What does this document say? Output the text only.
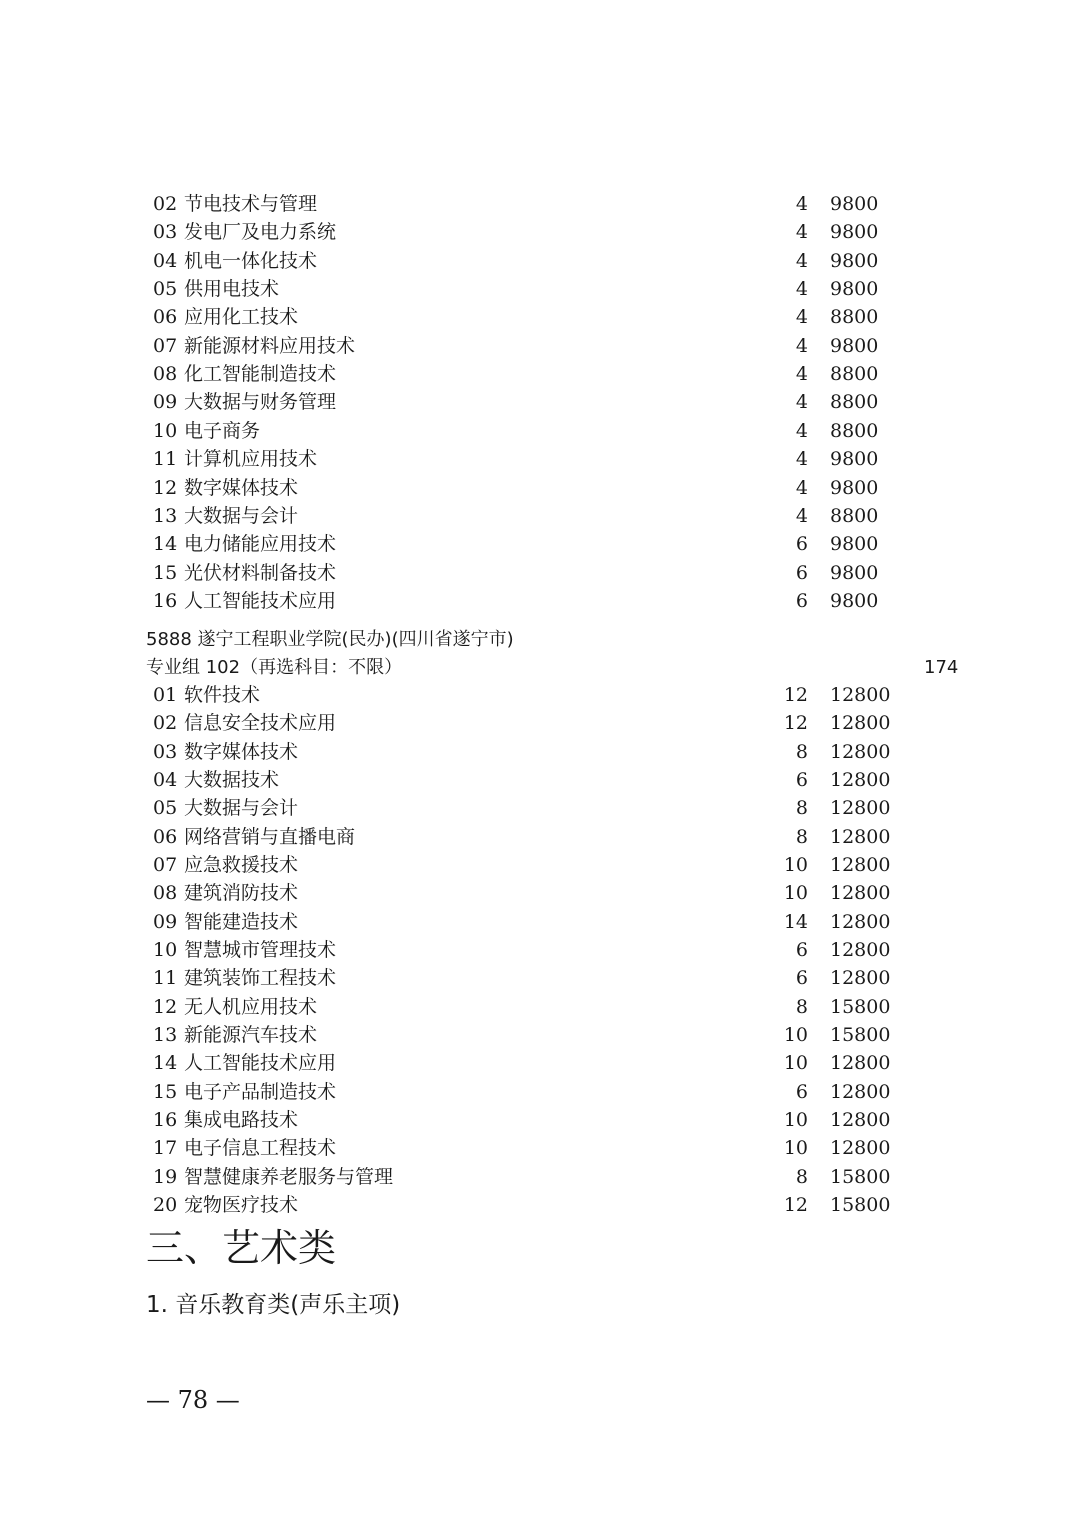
02 节电技术与管理	4 9800
03 发电厂及电力系统	4 9800
04 机电一体化技术	4 9800
05 供用电技术	4 9800
06 应用化工技术	4 8800
07 新能源材料应用技术	4 9800
08 化工智能制造技术	4 8800
09 大数据与财务管理	4 8800
10 电子商务	4 8800
11 计算机应用技术	4 9800
12 数字媒体技术	4 9800
13 大数据与会计	4 8800
14 电力储能应用技术	6 9800
15 光伏材料制备技术	6 9800
16 人工智能技术应用	6 9800
5888 遂宁工程职业学院(民办)(四川省遂宁市)
专业组 102（再选科目：不限）	174
01 软件技术	12 12800
02 信息安全技术应用	12 12800
03 数字媒体技术	8 12800
04 大数据技术	6 12800
05 大数据与会计	8 12800
06 网络营销与直播电商	8 12800
07 应急救援技术	10 12800
08 建筑消防技术	10 12800
09 智能建造技术	14 12800
10 智慧城市管理技术	6 12800
11 建筑装饰工程技术	6 12800
12 无人机应用技术	8 15800
13 新能源汽车技术	10 15800
14 人工智能技术应用	10 12800
15 电子产品制造技术	6 12800
16 集成电路技术	10 12800
17 电子信息工程技术	10 12800
19 智慧健康养老服务与管理	8 15800
20 宠物医疗技术	12 15800
三、艺术类
1. 音乐教育类(声乐主项)
— 78 —
